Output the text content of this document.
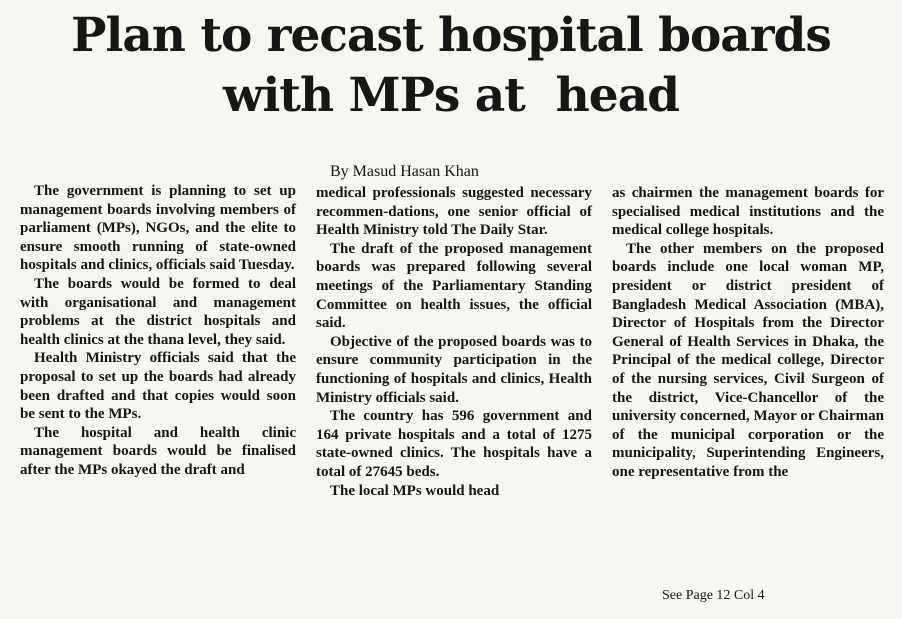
Plan to recast hospital boards
with MPs at  head

By Masud Hasan Khan

The government is planning to set up management boards involving members of parliament (MPs), NGOs, and the elite to ensure smooth running of state-owned hospitals and clinics, officials said Tuesday.

The boards would be formed to deal with organisational and management problems at the district hospitals and health clinics at the thana level, they said.

Health Ministry officials said that the proposal to set up the boards had already been drafted and that copies would soon be sent to the MPs.

The hospital and health clinic management boards would be finalised after the MPs okayed the draft and

medical professionals suggested necessary recommen-dations, one senior official of Health Ministry told The Daily Star.

The draft of the proposed management boards was prepared following several meetings of the Parliamentary Standing Committee on health issues, the official said.

Objective of the proposed boards was to ensure community participation in the functioning of hospitals and clinics, Health Ministry officials said.

The country has 596 government and 164 private hospitals and a total of 1275 state-owned clinics. The hospitals have a total of 27645 beds.

The local MPs would head

as chairmen the management boards for specialised medical institutions and the medical college hospitals.

The other members on the proposed boards include one local woman MP, president or district president of Bangladesh Medical Association (MBA), Director of Hospitals from the Director General of Health Services in Dhaka, the Principal of the medical college, Director of the nursing services, Civil Surgeon of the district, Vice-Chancellor of the university concerned, Mayor or Chairman of the municipal corporation or the municipality, Superintending Engineers, one representative from the

See Page 12 Col 4
